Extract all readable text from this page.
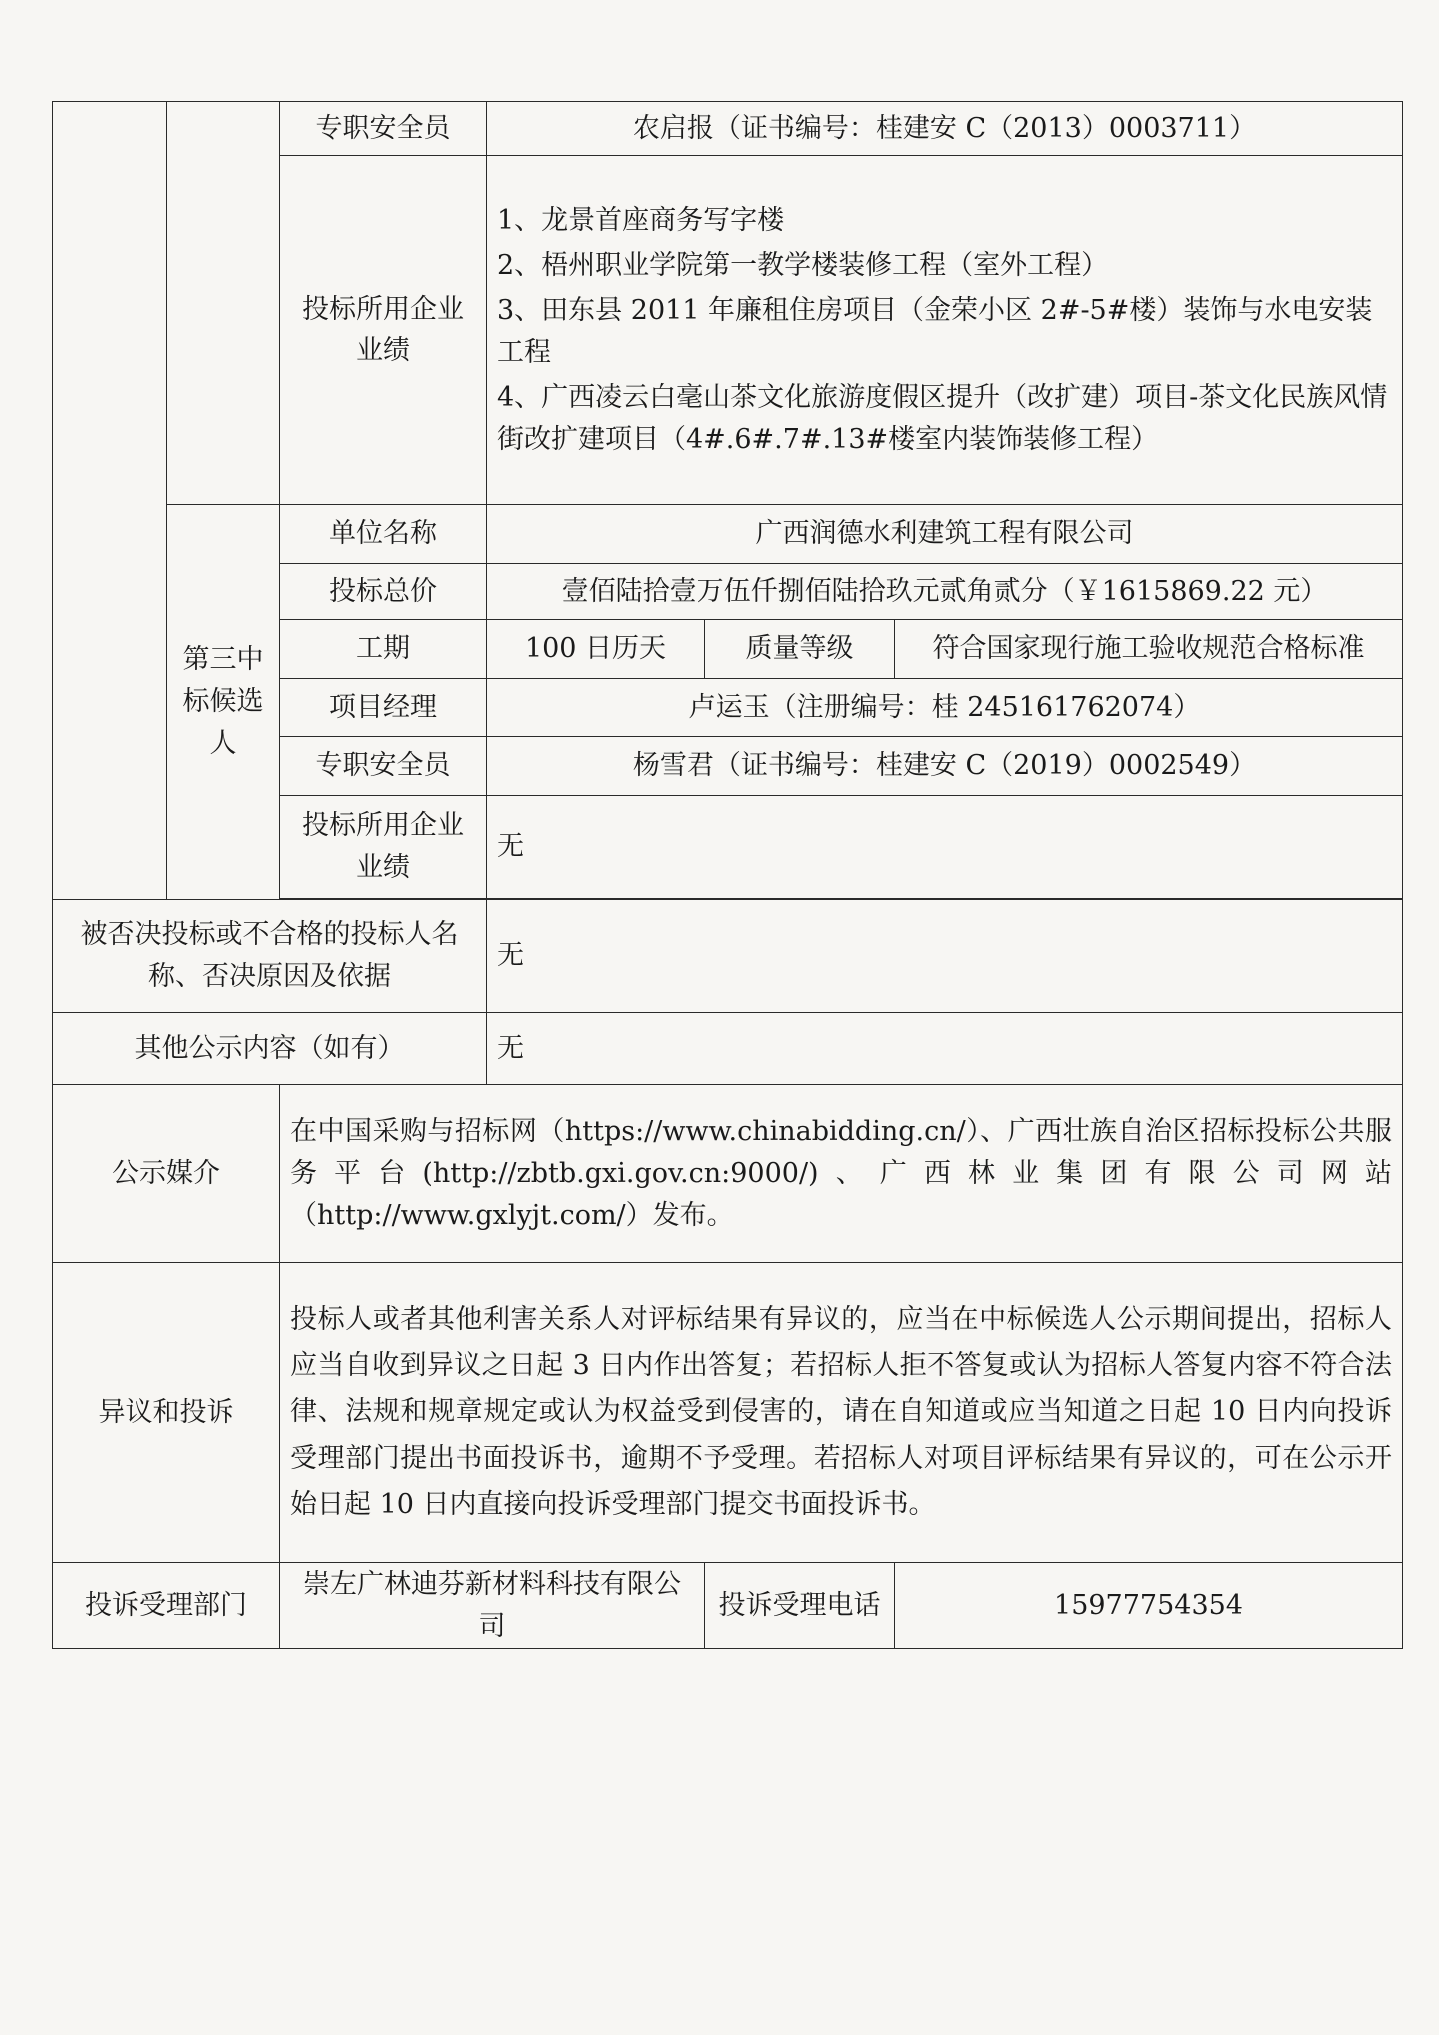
		专职安全员	农启报（证书编号：桂建安 C（2013）0003711）		
		投标所用企业业绩	1、龙景首座商务写字楼
2、梧州职业学院第一教学楼装修工程（室外工程）
3、田东县 2011 年廉租住房项目（金荣小区 2#-5#楼）装饰与水电安装工程
4、广西凌云白毫山茶文化旅游度假区提升（改扩建）项目-茶文化民族风情街改扩建项目（4#.6#.7#.13#楼室内装饰装修工程）		

	第三中标候选人	单位名称	广西润德水利建筑工程有限公司		
		投标总价	壹佰陆拾壹万伍仟捌佰陆拾玖元贰角贰分（￥1615869.22 元）		
		工期	100 日历天	质量等级	符合国家现行施工验收规范合格标准
		项目经理	卢运玉（注册编号：桂 245161762074）		
		专职安全员	杨雪君（证书编号：桂建安 C（2019）0002549）		
		投标所用企业业绩	无		

被否决投标或不合格的投标人名称、否决原因及依据			无		
其他公示内容（如有）			无		
公示媒介		在中国采购与招标网（https://www.chinabidding.cn/）、广西壮族自治区招标投标公共服务平台(http://zbtb.gxi.gov.cn:9000/)、广西林业集团有限公司网站（http://www.gxlyjt.com/）发布。			
异议和投诉		投标人或者其他利害关系人对评标结果有异议的，应当在中标候选人公示期间提出，招标人应当自收到异议之日起 3 日内作出答复；若招标人拒不答复或认为招标人答复内容不符合法律、法规和规章规定或认为权益受到侵害的，请在自知道或应当知道之日起 10 日内向投诉受理部门提出书面投诉书，逾期不予受理。若招标人对项目评标结果有异议的，可在公示开始日起 10 日内直接向投诉受理部门提交书面投诉书。			
投诉受理部门		崇左广林迪芬新材料科技有限公司		投诉受理电话	15977754354
